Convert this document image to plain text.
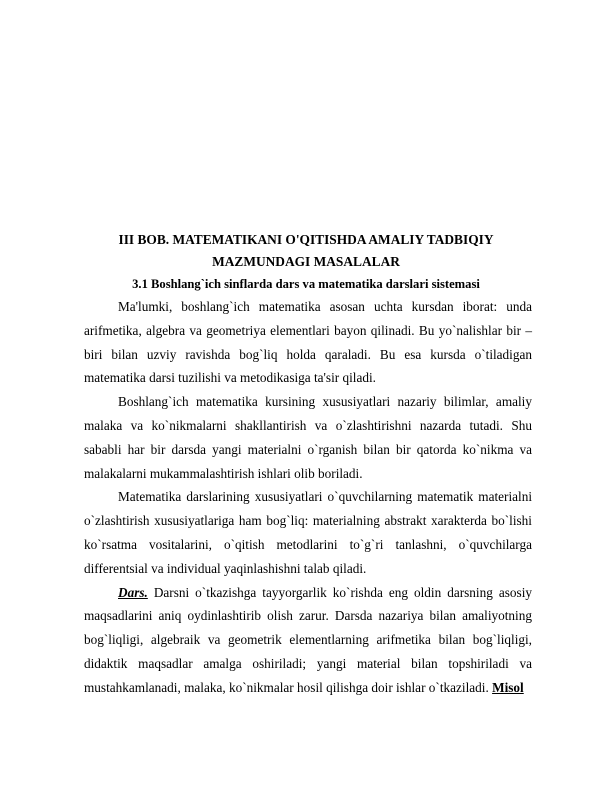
III BOB. MATEMATIKANI O'QITISHDA AMALIY TADBIQIY
MAZMUNDAGI MASALALAR
3.1 Boshlang`ich sinflarda dars va matematika darslari sistemasi

Ma'lumki, boshlang`ich matematika asosan uchta kursdan iborat: unda arifmetika, algebra va geometriya elementlari bayon qilinadi. Bu yo`nalishlar bir – biri bilan uzviy ravishda bog`liq holda qaraladi. Bu esa kursda o`tiladigan matematika darsi tuzilishi va metodikasiga ta'sir qiladi.

Boshlang`ich matematika kursining xususiyatlari nazariy bilimlar, amaliy malaka va ko`nikmalarni shakllantirish va o`zlashtirishni nazarda tutadi. Shu sababli har bir darsda yangi materialni o`rganish bilan bir qatorda ko`nikma va malakalarni mukammalashtirish ishlari olib boriladi.

Matematika darslarining xususiyatlari o`quvchilarning matematik materialni o`zlashtirish xususiyatlariga ham bog`liq: materialning abstrakt xarakterda bo`lishi ko`rsatma vositalarini, o`qitish metodlarini to`g`ri tanlashni, o`quvchilarga differentsial va individual yaqinlashishni talab qiladi.

Dars. Darsni o`tkazishga tayyorgarlik ko`rishda eng oldin darsning asosiy maqsadlarini aniq oydinlashtirib olish zarur. Darsda nazariya bilan amaliyotning bog`liqligi, algebraik va geometrik elementlarning arifmetika bilan bog`liqligi, didaktik maqsadlar amalga oshiriladi; yangi material bilan topshiriladi va mustahkamlanadi, malaka, ko`nikmalar hosil qilishga doir ishlar o`tkaziladi. Misol
